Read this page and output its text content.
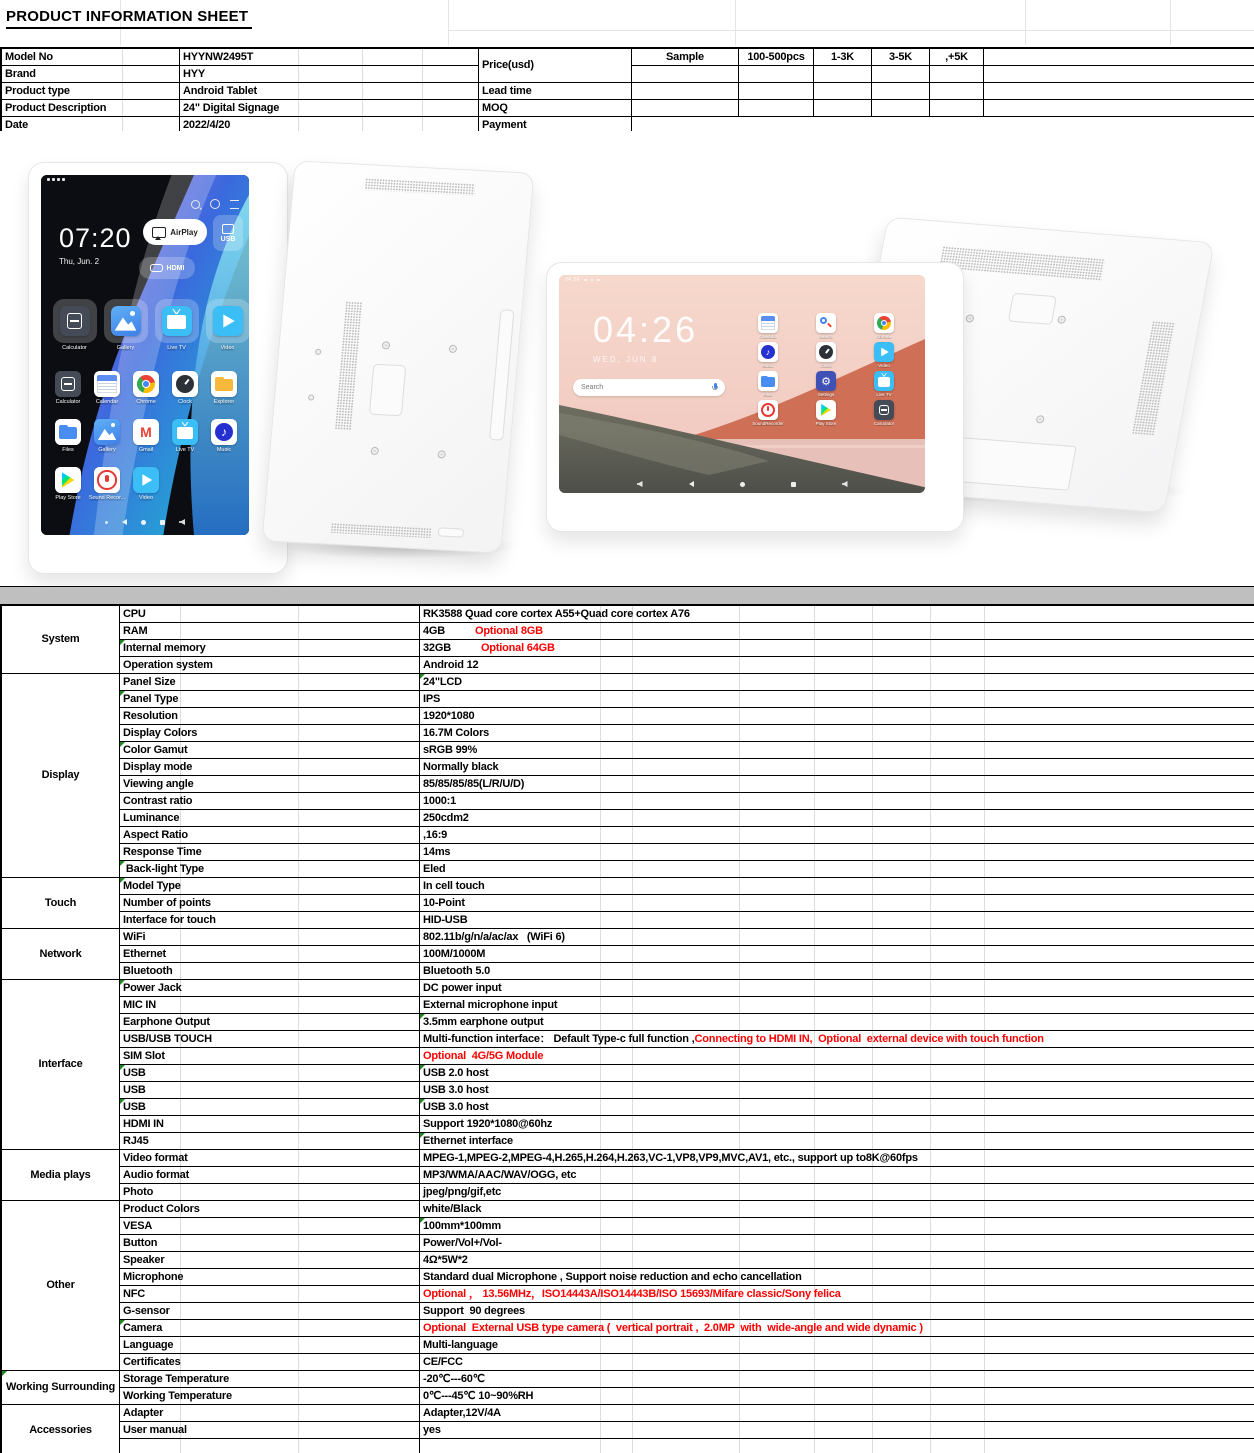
PRODUCT INFORMATION SHEET
Model No	HYYNW2495T	Price(usd)	Sample	100-500pcs	1-3K	3-5K	,+5K	
Brand	HYY							
Product type	Android Tablet	Lead time						
Product Description	24" Digital Signage	MOQ						
Date	2022/4/20	Payment						
07:20
Thu, Jun. 2
AirPlay
USB
HDMI
Calculator	Gallery	Live TV	Video
Calculator	Calendar	Chrome	Clock	Explorer
Files	Gallery
M	Gmail	Live TV
♪	Music
Play Store Sound Recor...	Video
04:26
04:26
WED, JUN 8
Search
Calendar	Search	Chrome
♪
Music	Clock	Video
Files
⚙	Settings	Live TV
SoundRecorder	Play Store	Calculator
System	CPU	RK3588 Quad core cortex A55+Quad core cortex A76
	RAM	4GB Optional 8GB
	Internal memory	32GB Optional 64GB
	Operation system	Android 12
Display	Panel Size	24"LCD
	Panel Type	IPS
	Resolution	1920*1080
	Display Colors	16.7M Colors
	Color Gamut	sRGB 99%
	Display mode	Normally black
	Viewing angle	85/85/85/85(L/R/U/D)
	Contrast ratio	1000:1
	Luminance	250cdm2
	Aspect Ratio	,16:9
	Response Time	14ms
	Back-light Type	Eled
Touch	Model Type	In cell touch
	Number of points	10-Point
	Interface for touch	HID-USB
Network	WiFi	802.11b/g/n/a/ac/ax   (WiFi 6)
	Ethernet	100M/1000M
	Bluetooth	Bluetooth 5.0
Interface	Power Jack	DC power input
	MIC IN	External microphone input
	Earphone Output	3.5mm earphone output
	USB/USB TOUCH	Multi-function interface： Default Type-c full function ,Connecting to HDMI IN,  Optional  external device with touch function
	SIM Slot	Optional  4G/5G Module
	USB	USB 2.0 host
	USB	USB 3.0 host
	USB	USB 3.0 host
	HDMI IN	Support 1920*1080@60hz
	RJ45	Ethernet interface
Media plays	Video format	MPEG-1,MPEG-2,MPEG-4,H.265,H.264,H.263,VC-1,VP8,VP9,MVC,AV1, etc., support up to8K@60fps
	Audio format	MP3/WMA/AAC/WAV/OGG, etc
	Photo	jpeg/png/gif,etc
Other	Product Colors	white/Black
	VESA	100mm*100mm
	Button	Power/Vol+/Vol-
	Speaker	4Ω*5W*2
	Microphone	Standard dual Microphone , Support noise reduction and echo cancellation
	NFC	Optional ， 13.56MHz，ISO14443A/ISO14443B/ISO 15693/Mifare classic/Sony felica
	G-sensor	Support  90 degrees
	Camera	Optional  External USB type camera (  vertical portrait ,  2.0MP  with  wide-angle and wide dynamic )
	Language	Multi-language
	Certificates	CE/FCC
Working Surrounding	Storage Temperature	-20℃---60℃
	Working Temperature	0℃---45℃ 10~90%RH
Accessories	Adapter	Adapter,12V/4A
	User manual	yes
